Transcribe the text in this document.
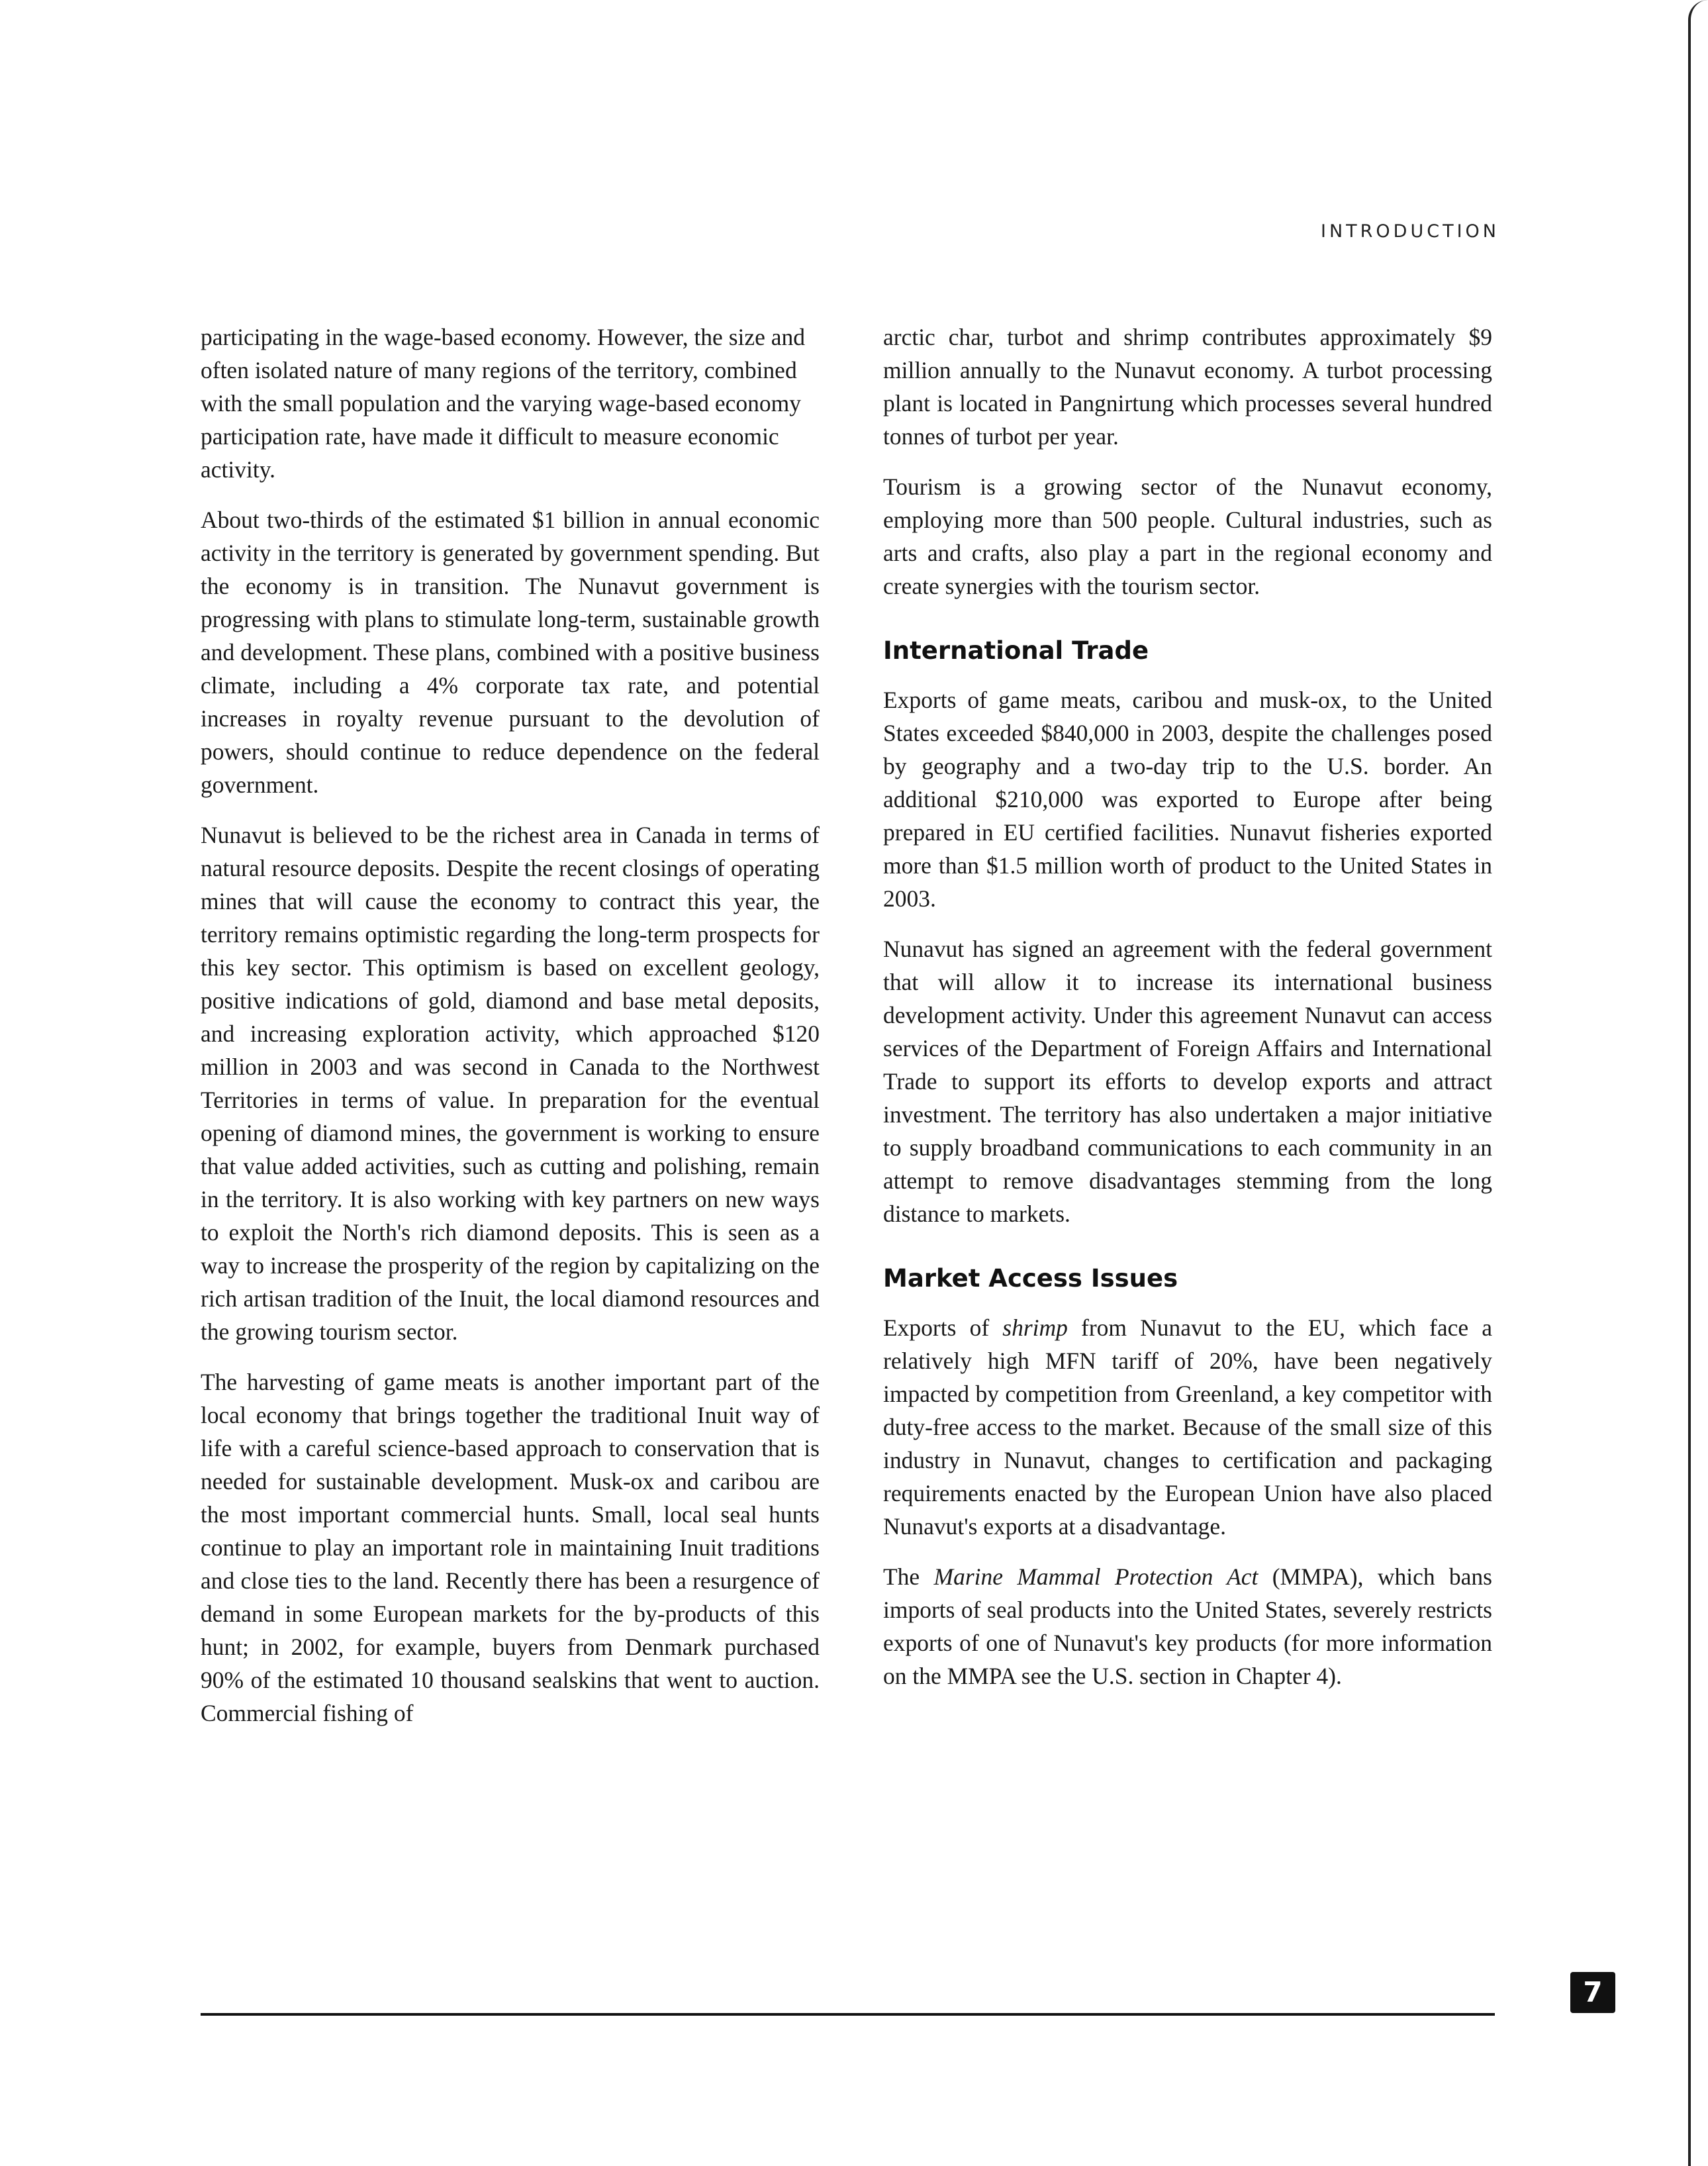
INTRODUCTION

participating in the wage-based economy. However, the size and often isolated nature of many regions of the territory, combined with the small population and the varying wage-based economy participation rate, have made it difficult to measure economic activity.

About two-thirds of the estimated $1 billion in annual economic activity in the territory is generated by government spending. But the economy is in transition. The Nunavut government is progressing with plans to stimulate long-term, sustainable growth and development. These plans, combined with a positive business climate, including a 4% corporate tax rate, and potential increases in royalty revenue pursuant to the devolution of powers, should continue to reduce dependence on the federal government.

Nunavut is believed to be the richest area in Canada in terms of natural resource deposits. Despite the recent closings of operating mines that will cause the economy to contract this year, the territory remains optimistic regarding the long-term prospects for this key sector. This optimism is based on excellent geology, positive indications of gold, diamond and base metal deposits, and increasing exploration activity, which approached $120 million in 2003 and was second in Canada to the Northwest Territories in terms of value. In preparation for the eventual opening of diamond mines, the government is working to ensure that value added activities, such as cutting and polishing, remain in the territory. It is also working with key partners on new ways to exploit the North's rich diamond deposits. This is seen as a way to increase the prosperity of the region by capitalizing on the rich artisan tradition of the Inuit, the local diamond resources and the growing tourism sector.

The harvesting of game meats is another important part of the local economy that brings together the traditional Inuit way of life with a careful science-based approach to conservation that is needed for sustainable development. Musk-ox and caribou are the most important commercial hunts. Small, local seal hunts continue to play an important role in maintaining Inuit traditions and close ties to the land. Recently there has been a resurgence of demand in some European markets for the by-products of this hunt; in 2002, for example, buyers from Denmark purchased 90% of the estimated 10 thousand sealskins that went to auction. Commercial fishing of

arctic char, turbot and shrimp contributes approximately $9 million annually to the Nunavut economy. A turbot processing plant is located in Pangnirtung which processes several hundred tonnes of turbot per year.

Tourism is a growing sector of the Nunavut economy, employing more than 500 people. Cultural industries, such as arts and crafts, also play a part in the regional economy and create synergies with the tourism sector.

International Trade

Exports of game meats, caribou and musk-ox, to the United States exceeded $840,000 in 2003, despite the challenges posed by geography and a two-day trip to the U.S. border. An additional $210,000 was exported to Europe after being prepared in EU certified facilities. Nunavut fisheries exported more than $1.5 million worth of product to the United States in 2003.

Nunavut has signed an agreement with the federal government that will allow it to increase its international business development activity. Under this agreement Nunavut can access services of the Department of Foreign Affairs and International Trade to support its efforts to develop exports and attract investment. The territory has also undertaken a major initiative to supply broadband communications to each community in an attempt to remove disadvantages stemming from the long distance to markets.

Market Access Issues

Exports of shrimp from Nunavut to the EU, which face a relatively high MFN tariff of 20%, have been negatively impacted by competition from Greenland, a key competitor with duty-free access to the market. Because of the small size of this industry in Nunavut, changes to certification and packaging requirements enacted by the European Union have also placed Nunavut's exports at a disadvantage.

The Marine Mammal Protection Act (MMPA), which bans imports of seal products into the United States, severely restricts exports of one of Nunavut's key products (for more information on the MMPA see the U.S. section in Chapter 4).

7
